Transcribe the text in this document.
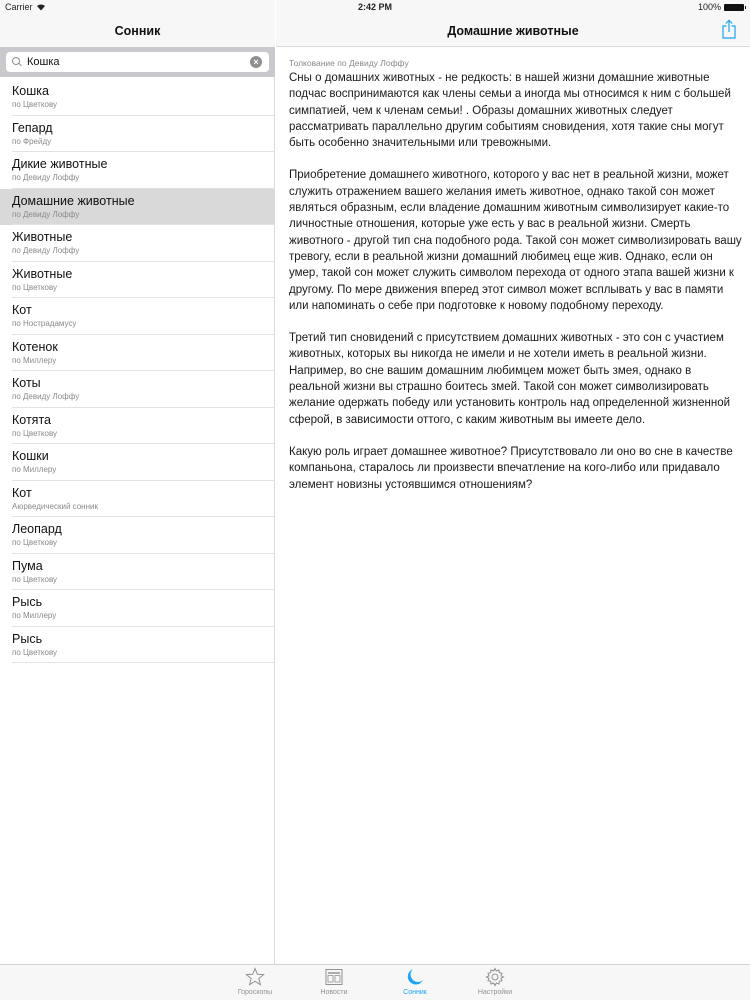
Сонник
Кошка
×
Кошка
по Цветкову
Гепард
по Фрейду
Дикие животные
по Девиду Лоффу
Домашние животные
по Девиду Лоффу
Животные
по Девиду Лоффу
Животные
по Цветкову
Кот
по Нострадамусу
Котенок
по Миллеру
Коты
по Девиду Лоффу
Котята
по Цветкову
Кошки
по Миллеру
Кот
Аюрведический сонник
Леопард
по Цветкову
Пума
по Цветкову
Рысь
по Миллеру
Рысь
по Цветкову
Домашние животные
Толкование по Девиду Лоффу

Сны о домашних животных - не редкость: в нашей жизни домашние животные подчас воспринимаются как члены семьи а иногда мы относимся к ним с большей симпатией, чем к членам семьи! . Образы домашних животных следует рассматривать параллельно другим событиям сновидения, хотя такие сны могут быть особенно значительными или тревожными.

Приобретение домашнего животного, которого у вас нет в реальной жизни, может служить отражением вашего желания иметь животное, однако такой сон может являться образным, если владение домашним животным символизирует какие-то личностные отношения, которые уже есть у вас в реальной жизни. Смерть животного - другой тип сна подобного рода. Такой сон может символизировать вашу тревогу, если в реальной жизни домашний любимец еще жив. Однако, если он умер, такой сон может служить символом перехода от одного этапа вашей жизни к другому. По мере движения вперед этот символ может всплывать у вас в памяти или напоминать о себе при подготовке к новому подобному переходу.

Третий тип сновидений с присутствием домашних животных - это сон с участием животных, которых вы никогда не имели и не хотели иметь в реальной жизни. Например, во сне вашим домашним любимцем может быть змея, однако в реальной жизни вы страшно боитесь змей. Такой сон может символизировать желание одержать победу или установить контроль над определенной жизненной сферой, в зависимости оттого, с каким животным вы имеете дело.

Какую роль играет домашнее животное? Присутствовало ли оно во сне в качестве компаньона, старалось ли произвести впечатление на кого-либо или придавало элемент новизны устоявшимся отношениям?

Carrier	2:42 PM	100%
Гороскопы	Новости	Сонник	Настройки
